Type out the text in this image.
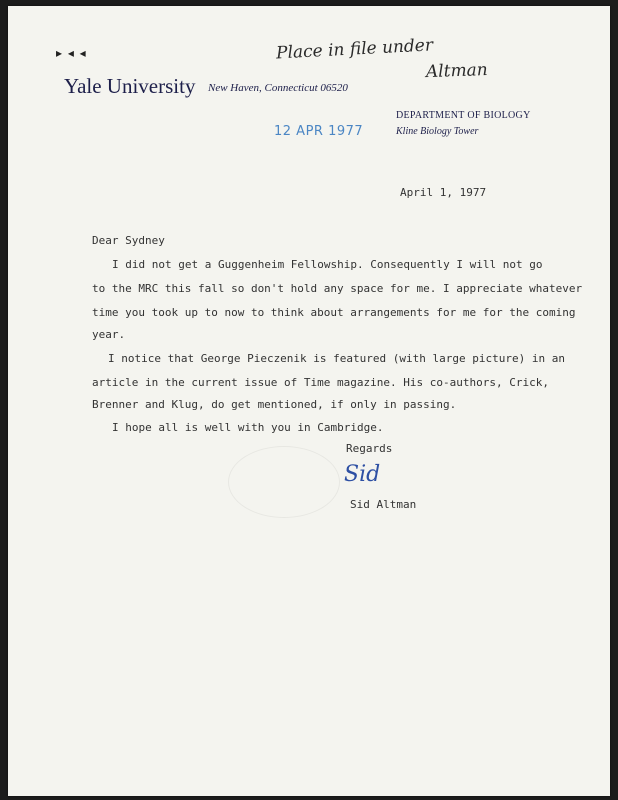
▸ ◂ ◂	Place in file under
Altman
Yale University New Haven, Connecticut 06520
DEPARTMENT OF BIOLOGY
Kline Biology Tower
12 APR 1977
April 1, 1977
Dear Sydney
I did not get a Guggenheim Fellowship. Consequently I will not go
to the MRC this fall so don't hold any space for me. I appreciate whatever
time you took up to now to think about arrangements for me for the coming
year.
I notice that George Pieczenik is featured (with large picture) in an
article in the current issue of Time magazine. His co-authors, Crick,
Brenner and Klug, do get mentioned, if only in passing.
I hope all is well with you in Cambridge.
Regards
Sid
Sid Altman
